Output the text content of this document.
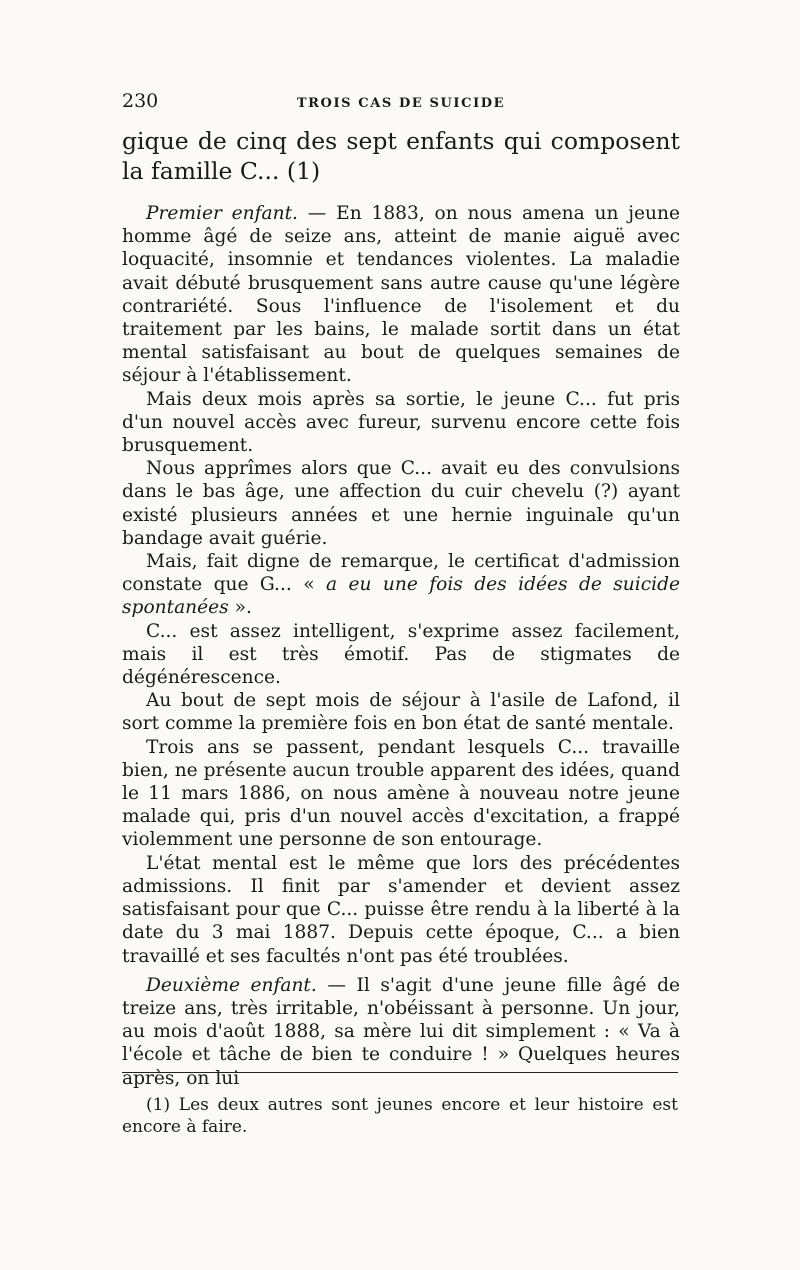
230	TROIS CAS DE SUICIDE

gique de cinq des sept enfants qui composent la famille C... (1)

Premier enfant. — En 1883, on nous amena un jeune homme âgé de seize ans, atteint de manie aiguë avec loquacité, insomnie et tendances violentes. La maladie avait débuté brusquement sans autre cause qu'une légère contrariété. Sous l'influence de l'isolement et du traitement par les bains, le malade sortit dans un état mental satisfaisant au bout de quelques semaines de séjour à l'établissement.

Mais deux mois après sa sortie, le jeune C... fut pris d'un nouvel accès avec fureur, survenu encore cette fois brusquement.

Nous apprîmes alors que C... avait eu des convulsions dans le bas âge, une affection du cuir chevelu (?) ayant existé plusieurs années et une hernie inguinale qu'un bandage avait guérie.

Mais, fait digne de remarque, le certificat d'admission constate que G... « a eu une fois des idées de suicide spontanées ».

C... est assez intelligent, s'exprime assez facilement, mais il est très émotif. Pas de stigmates de dégénérescence.

Au bout de sept mois de séjour à l'asile de Lafond, il sort comme la première fois en bon état de santé mentale.

Trois ans se passent, pendant lesquels C... travaille bien, ne présente aucun trouble apparent des idées, quand le 11 mars 1886, on nous amène à nouveau notre jeune malade qui, pris d'un nouvel accès d'excitation, a frappé violemment une personne de son entourage.

L'état mental est le même que lors des précédentes admissions. Il finit par s'amender et devient assez satisfaisant pour que C... puisse être rendu à la liberté à la date du 3 mai 1887. Depuis cette époque, C... a bien travaillé et ses facultés n'ont pas été troublées.

Deuxième enfant. — Il s'agit d'une jeune fille âgé de treize ans, très irritable, n'obéissant à personne. Un jour, au mois d'août 1888, sa mère lui dit simplement : « Va à l'école et tâche de bien te conduire ! » Quelques heures après, on lui

(1) Les deux autres sont jeunes encore et leur histoire est encore à faire.
